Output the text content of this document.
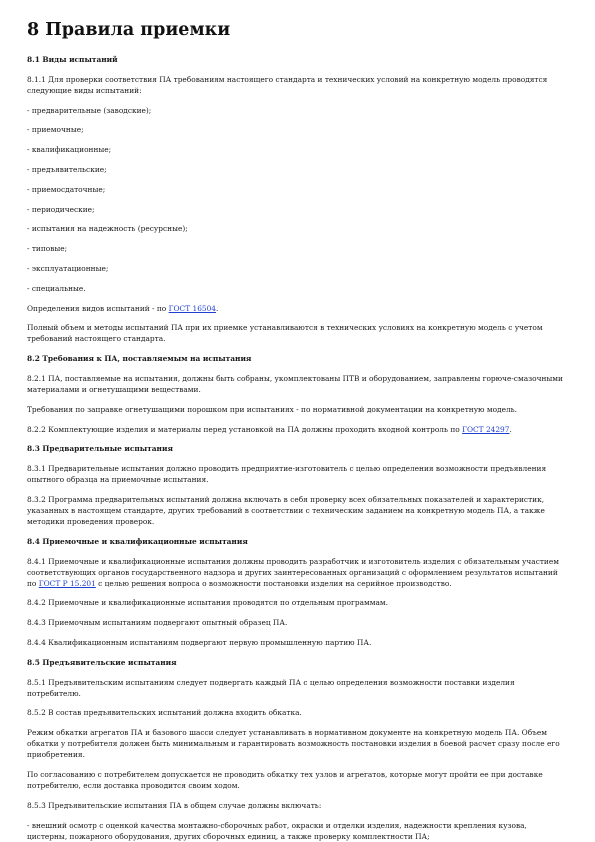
8 Правила приемки

8.1 Виды испытаний

8.1.1 Для проверки соответствия ПА требованиям настоящего стандарта и технических условий на конкретную модель проводятся следующие виды испытаний:

- предварительные (заводские);

- приемочные;

- квалификационные;

- предъявительские;

- приемосдаточные;

- периодические;

- испытания на надежность (ресурсные);

- типовые;

- эксплуатационные;

- специальные.

Определения видов испытаний - по ГОСТ 16504.

Полный объем и методы испытаний ПА при их приемке устанавливаются в технических условиях на конкретную модель с учетом требований настоящего стандарта.

8.2 Требования к ПА, поставляемым на испытания

8.2.1 ПА, поставляемые на испытания, должны быть собраны, укомплектованы ПТВ и оборудованием, заправлены горюче-смазочными материалами и огнетушащими веществами.

Требования по заправке огнетушащими порошком при испытаниях - по нормативной документации на конкретную модель.

8.2.2 Комплектующие изделия и материалы перед установкой на ПА должны проходить входной контроль по ГОСТ 24297.

8.3 Предварительные испытания

8.3.1 Предварительные испытания должно проводить предприятие-изготовитель с целью определения возможности предъявления опытного образца на приемочные испытания.

8.3.2 Программа предварительных испытаний должна включать в себя проверку всех обязательных показателей и характеристик, указанных в настоящем стандарте, других требований в соответствии с техническим заданием на конкретную модель ПА, а также методики проведения проверок.

8.4 Приемочные и квалификационные испытания

8.4.1 Приемочные и квалификационные испытания должны проводить разработчик и изготовитель изделия с обязательным участием соответствующих органов государственного надзора и других заинтересованных организаций с оформлением результатов испытаний по ГОСТ Р 15.201 с целью решения вопроса о возможности постановки изделия на серийное производство.

8.4.2 Приемочные и квалификационные испытания проводятся по отдельным программам.

8.4.3 Приемочным испытаниям подвергают опытный образец ПА.

8.4.4 Квалификационным испытаниям подвергают первую промышленную партию ПА.

8.5 Предъявительские испытания

8.5.1 Предъявительским испытаниям следует подвергать каждый ПА с целью определения возможности поставки изделия потребителю.

8.5.2 В состав предъявительских испытаний должна входить обкатка.

Режим обкатки агрегатов ПА и базового шасси следует устанавливать в нормативном документе на конкретную модель ПА. Объем обкатки у потребителя должен быть минимальным и гарантировать возможность постановки изделия в боевой расчет сразу после его приобретения.

По согласованию с потребителем допускается не проводить обкатку тех узлов и агрегатов, которые могут пройти ее при доставке потребителю, если доставка проводится своим ходом.

8.5.3 Предъявительские испытания ПА в общем случае должны включать:

- внешний осмотр с оценкой качества монтажно-сборочных работ, окраски и отделки изделия, надежности крепления кузова, цистерны, пожарного оборудования, других сборочных единиц, а также проверку комплектности ПА;
